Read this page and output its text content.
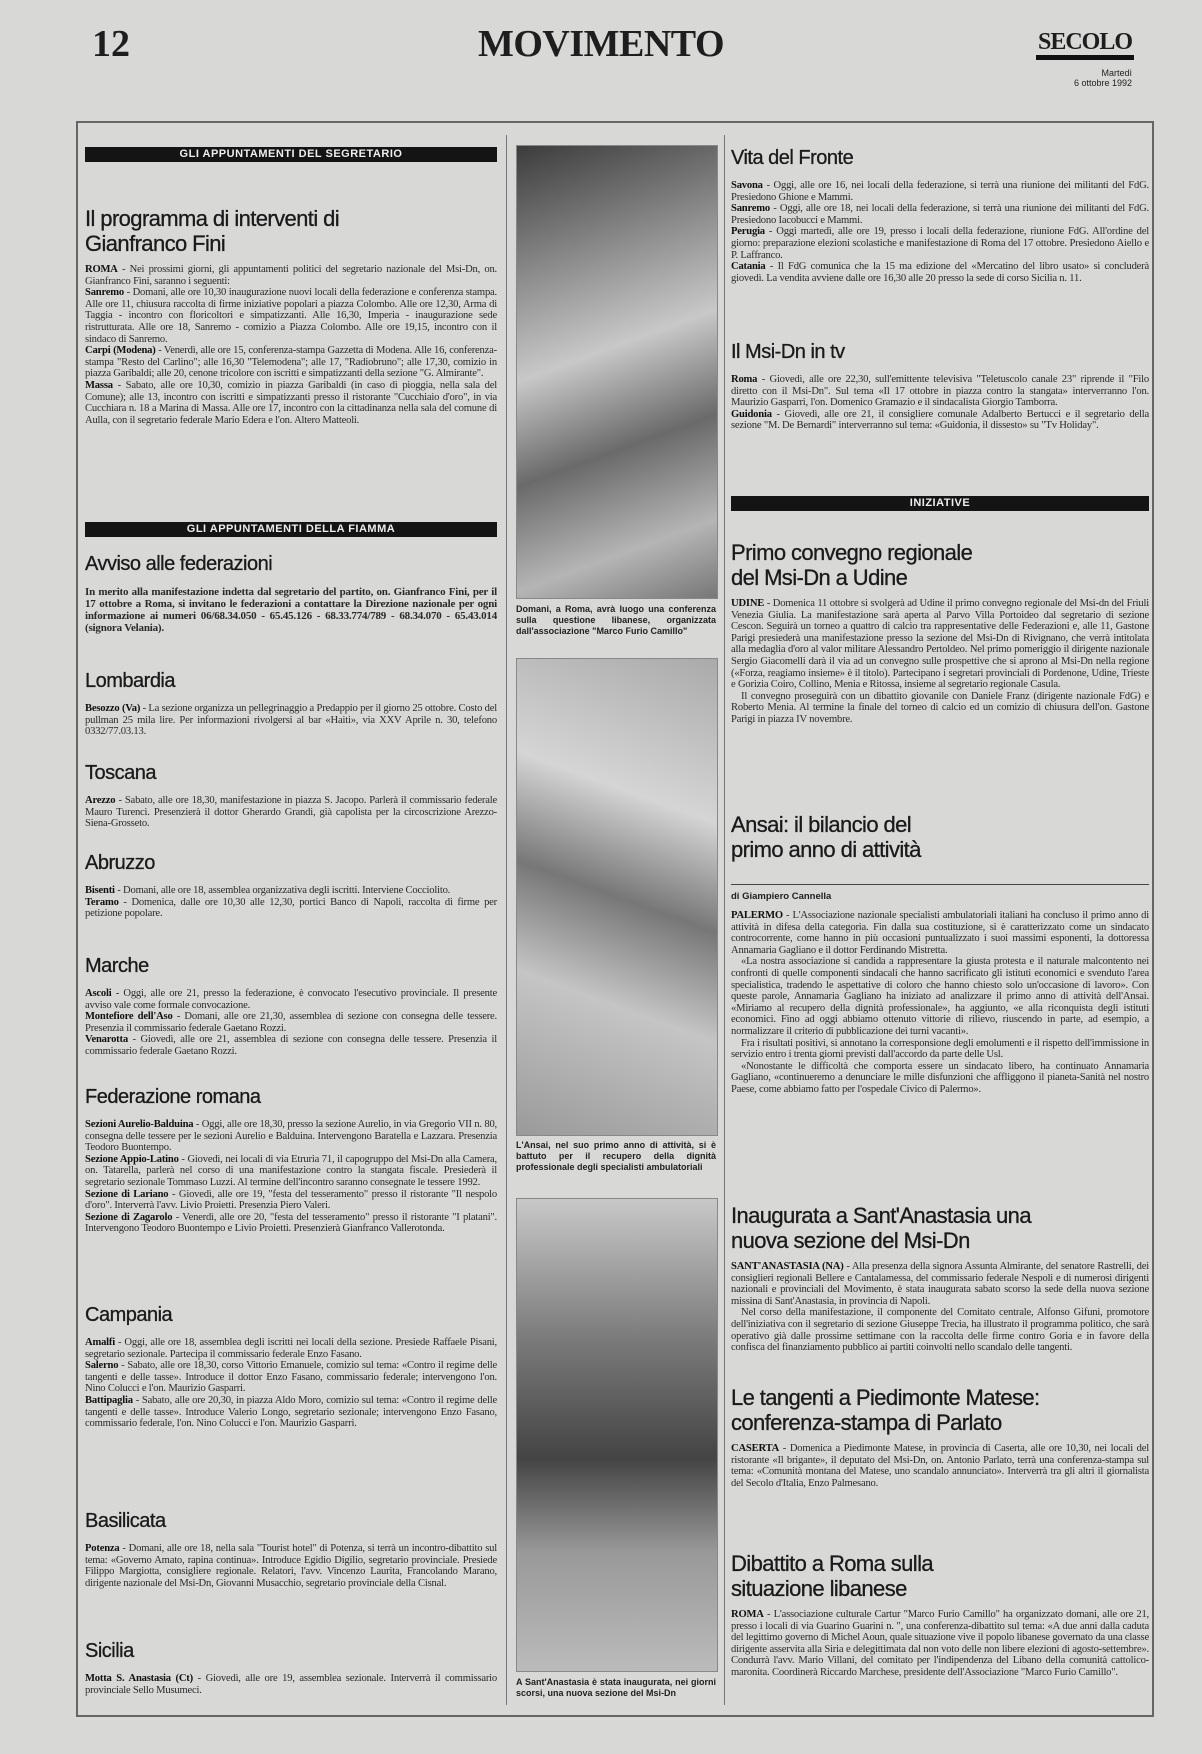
12	MOVIMENTO	SECOLO
Martedì
6 ottobre 1992
GLI APPUNTAMENTI DEL SEGRETARIO
Il programma di interventi di Gianfranco Fini

ROMA - Nei prossimi giorni, gli appuntamenti politici del segretario nazionale del Msi-Dn, on. Gianfranco Fini, saranno i seguenti:

Sanremo - Domani, alle ore 10,30 inaugurazione nuovi locali della federazione e conferenza stampa. Alle ore 11, chiusura raccolta di firme iniziative popolari a piazza Colombo. Alle ore 12,30, Arma di Taggia - incontro con floricoltori e simpatizzanti. Alle 16,30, Imperia - inaugurazione sede ristrutturata. Alle ore 18, Sanremo - comizio a Piazza Colombo. Alle ore 19,15, incontro con il sindaco di Sanremo.

Carpi (Modena) - Venerdì, alle ore 15, conferenza-stampa Gazzetta di Modena. Alle 16, conferenza-stampa "Resto del Carlino"; alle 16,30 "Telemodena"; alle 17, "Radiobruno"; alle 17,30, comizio in piazza Garibaldi; alle 20, cenone tricolore con iscritti e simpatizzanti della sezione "G. Almirante".

Massa - Sabato, alle ore 10,30, comizio in piazza Garibaldi (in caso di pioggia, nella sala del Comune); alle 13, incontro con iscritti e simpatizzanti presso il ristorante "Cucchiaio d'oro", in via Cucchiara n. 18 a Marina di Massa. Alle ore 17, incontro con la cittadinanza nella sala del comune di Aulla, con il segretario federale Mario Edera e l'on. Altero Matteoli.

GLI APPUNTAMENTI DELLA FIAMMA
Avviso alle federazioni

In merito alla manifestazione indetta dal segretario del partito, on. Gianfranco Fini, per il 17 ottobre a Roma, si invitano le federazioni a contattare la Direzione nazionale per ogni informazione ai numeri 06/68.34.050 - 65.45.126 - 68.33.774/789 - 68.34.070 - 65.43.014 (signora Velania).

Lombardia

Besozzo (Va) - La sezione organizza un pellegrinaggio a Predappio per il giorno 25 ottobre. Costo del pullman 25 mila lire. Per informazioni rivolgersi al bar «Haiti», via XXV Aprile n. 30, telefono 0332/77.03.13.

Toscana

Arezzo - Sabato, alle ore 18,30, manifestazione in piazza S. Jacopo. Parlerà il commissario federale Mauro Turenci. Presenzierà il dottor Gherardo Grandi, già capolista per la circoscrizione Arezzo-Siena-Grosseto.

Abruzzo

Bisenti - Domani, alle ore 18, assemblea organizzativa degli iscritti. Interviene Cocciolito.

Teramo - Domenica, dalle ore 10,30 alle 12,30, portici Banco di Napoli, raccolta di firme per petizione popolare.

Marche

Ascoli - Oggi, alle ore 21, presso la federazione, è convocato l'esecutivo provinciale. Il presente avviso vale come formale convocazione.

Montefiore dell'Aso - Domani, alle ore 21,30, assemblea di sezione con consegna delle tessere. Presenzia il commissario federale Gaetano Rozzi.

Venarotta - Giovedì, alle ore 21, assemblea di sezione con consegna delle tessere. Presenzia il commissario federale Gaetano Rozzi.

Federazione romana

Sezioni Aurelio-Balduina - Oggi, alle ore 18,30, presso la sezione Aurelio, in via Gregorio VII n. 80, consegna delle tessere per le sezioni Aurelio e Balduina. Intervengono Baratella e Lazzara. Presenzia Teodoro Buontempo.

Sezione Appio-Latino - Giovedì, nei locali di via Etruria 71, il capogruppo del Msi-Dn alla Camera, on. Tatarella, parlerà nel corso di una manifestazione contro la stangata fiscale. Presiederà il segretario sezionale Tommaso Luzzi. Al termine dell'incontro saranno consegnate le tessere 1992.

Sezione di Lariano - Giovedì, alle ore 19, "festa del tesseramento" presso il ristorante "Il nespolo d'oro". Interverrà l'avv. Livio Proietti. Presenzia Piero Valeri.

Sezione di Zagarolo - Venerdì, alle ore 20, "festa del tesseramento" presso il ristorante "I platani". Intervengono Teodoro Buontempo e Livio Proietti. Presenzierà Gianfranco Vallerotonda.

Campania

Amalfi - Oggi, alle ore 18, assemblea degli iscritti nei locali della sezione. Presiede Raffaele Pisani, segretario sezionale. Partecipa il commissario federale Enzo Fasano.

Salerno - Sabato, alle ore 18,30, corso Vittorio Emanuele, comizio sul tema: «Contro il regime delle tangenti e delle tasse». Introduce il dottor Enzo Fasano, commissario federale; intervengono l'on. Nino Colucci e l'on. Maurizio Gasparri.

Battipaglia - Sabato, alle ore 20,30, in piazza Aldo Moro, comizio sul tema: «Contro il regime delle tangenti e delle tasse». Introduce Valerio Longo, segretario sezionale; intervengono Enzo Fasano, commissario federale, l'on. Nino Colucci e l'on. Maurizio Gasparri.

Basilicata

Potenza - Domani, alle ore 18, nella sala "Tourist hotel" di Potenza, si terrà un incontro-dibattito sul tema: «Governo Amato, rapina continua». Introduce Egidio Digilio, segretario provinciale. Presiede Filippo Margiotta, consigliere regionale. Relatori, l'avv. Vincenzo Laurita, Francolando Marano, dirigente nazionale del Msi-Dn, Giovanni Musacchio, segretario provinciale della Cisnal.

Sicilia

Motta S. Anastasia (Ct) - Giovedì, alle ore 19, assemblea sezionale. Interverrà il commissario provinciale Sello Musumeci.

Domani, a Roma, avrà luogo una conferenza sulla questione libanese, organizzata dall'associazione "Marco Furio Camillo"
L'Ansai, nel suo primo anno di attività, si è battuto per il recupero della dignità professionale degli specialisti ambulatoriali
A Sant'Anastasia è stata inaugurata, nei giorni scorsi, una nuova sezione del Msi-Dn
Vita del Fronte

Savona - Oggi, alle ore 16, nei locali della federazione, si terrà una riunione dei militanti del FdG. Presiedono Ghione e Mammi.

Sanremo - Oggi, alle ore 18, nei locali della federazione, si terrà una riunione dei militanti del FdG. Presiedono Iacobucci e Mammi.

Perugia - Oggi martedì, alle ore 19, presso i locali della federazione, riunione FdG. All'ordine del giorno: preparazione elezioni scolastiche e manifestazione di Roma del 17 ottobre. Presiedono Aiello e P. Laffranco.

Catania - Il FdG comunica che la 15 ma edizione del «Mercatino del libro usato» si concluderà giovedì. La vendita avviene dalle ore 16,30 alle 20 presso la sede di corso Sicilia n. 11.

Il Msi-Dn in tv

Roma - Giovedì, alle ore 22,30, sull'emittente televisiva "Teletuscolo canale 23" riprende il "Filo diretto con il Msi-Dn". Sul tema «Il 17 ottobre in piazza contro la stangata» interverranno l'on. Maurizio Gasparri, l'on. Domenico Gramazio e il sindacalista Giorgio Tamborra.

Guidonia - Giovedì, alle ore 21, il consigliere comunale Adalberto Bertucci e il segretario della sezione "M. De Bernardi" interverranno sul tema: «Guidonia, il dissesto» su "Tv Holiday".

INIZIATIVE
Primo convegno regionale del Msi-Dn a Udine

UDINE - Domenica 11 ottobre si svolgerà ad Udine il primo convegno regionale del Msi-dn del Friuli Venezia Giulia. La manifestazione sarà aperta al Parvo Villa Portoideo dal segretario di sezione Cescon. Seguirà un torneo a quattro di calcio tra rappresentative delle Federazioni e, alle 11, Gastone Parigi presiederà una manifestazione presso la sezione del Msi-Dn di Rivignano, che verrà intitolata alla medaglia d'oro al valor militare Alessandro Pertoldeo. Nel primo pomeriggio il dirigente nazionale Sergio Giacomelli darà il via ad un convegno sulle prospettive che si aprono al Msi-Dn nella regione («Forza, reagiamo insieme» è il titolo). Partecipano i segretari provinciali di Pordenone, Udine, Trieste e Gorizia Coiro, Collino, Menia e Ritossa, insieme al segretario regionale Casula.

Il convegno proseguirà con un dibattito giovanile con Daniele Franz (dirigente nazionale FdG) e Roberto Menia. Al termine la finale del torneo di calcio ed un comizio di chiusura dell'on. Gastone Parigi in piazza IV novembre.

Ansai: il bilancio del primo anno di attività
di Giampiero Cannella

PALERMO - L'Associazione nazionale specialisti ambulatoriali italiani ha concluso il primo anno di attività in difesa della categoria. Fin dalla sua costituzione, si è caratterizzato come un sindacato controcorrente, come hanno in più occasioni puntualizzato i suoi massimi esponenti, la dottoressa Annamaria Gagliano e il dottor Ferdinando Mistretta.

«La nostra associazione si candida a rappresentare la giusta protesta e il naturale malcontento nei confronti di quelle componenti sindacali che hanno sacrificato gli istituti economici e svenduto l'area specialistica, tradendo le aspettative di coloro che hanno chiesto solo un'occasione di lavoro». Con queste parole, Annamaria Gagliano ha iniziato ad analizzare il primo anno di attività dell'Ansai. «Miriamo al recupero della dignità professionale», ha aggiunto, «e alla riconquista degli istituti economici. Fino ad oggi abbiamo ottenuto vittorie di rilievo, riuscendo in parte, ad esempio, a normalizzare il criterio di pubblicazione dei turni vacanti».

Fra i risultati positivi, si annotano la corresponsione degli emolumenti e il rispetto dell'immissione in servizio entro i trenta giorni previsti dall'accordo da parte delle Usl.

«Nonostante le difficoltà che comporta essere un sindacato libero, ha continuato Annamaria Gagliano, «continueremo a denunciare le mille disfunzioni che affliggono il pianeta-Sanità nel nostro Paese, come abbiamo fatto per l'ospedale Civico di Palermo».

Inaugurata a Sant'Anastasia una nuova sezione del Msi-Dn

SANT'ANASTASIA (NA) - Alla presenza della signora Assunta Almirante, del senatore Rastrelli, dei consiglieri regionali Bellere e Cantalamessa, del commissario federale Nespoli e di numerosi dirigenti nazionali e provinciali del Movimento, è stata inaugurata sabato scorso la sede della nuova sezione missina di Sant'Anastasia, in provincia di Napoli.

Nel corso della manifestazione, il componente del Comitato centrale, Alfonso Gifuni, promotore dell'iniziativa con il segretario di sezione Giuseppe Trecia, ha illustrato il programma politico, che sarà operativo già dalle prossime settimane con la raccolta delle firme contro Goria e in favore della confisca del finanziamento pubblico ai partiti coinvolti nello scandalo delle tangenti.

Le tangenti a Piedimonte Matese: conferenza-stampa di Parlato

CASERTA - Domenica a Piedimonte Matese, in provincia di Caserta, alle ore 10,30, nei locali del ristorante «Il brigante», il deputato del Msi-Dn, on. Antonio Parlato, terrà una conferenza-stampa sul tema: «Comunità montana del Matese, uno scandalo annunciato». Interverrà tra gli altri il giornalista del Secolo d'Italia, Enzo Palmesano.

Dibattito a Roma sulla situazione libanese

ROMA - L'associazione culturale Cartur "Marco Furio Camillo" ha organizzato domani, alle ore 21, presso i locali di via Guarino Guarini n. ", una conferenza-dibattito sul tema: «A due anni dalla caduta del legittimo governo di Michel Aoun, quale situazione vive il popolo libanese governato da una classe dirigente asservita alla Siria e delegittimata dal non voto delle non libere elezioni di agosto-settembre». Condurrà l'avv. Mario Villani, del comitato per l'indipendenza del Libano della comunità cattolico-maronita. Coordinerà Riccardo Marchese, presidente dell'Associazione "Marco Furio Camillo".
